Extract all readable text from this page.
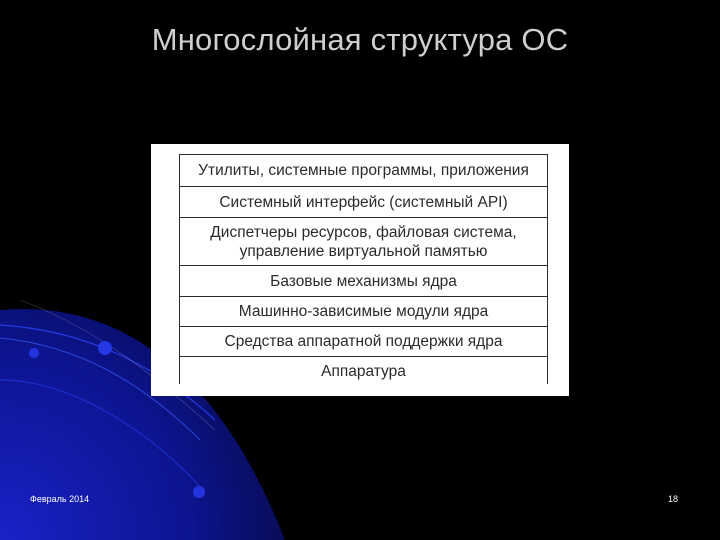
Многослойная структура ОС
Утилиты, системные программы, приложения
Системный интерфейс (системный API)
Диспетчеры ресурсов, файловая система,
управление виртуальной памятью
Базовые механизмы ядра
Машинно-зависимые модули ядра
Средства аппаратной поддержки ядра
Аппаратура
Февраль 2014	18
